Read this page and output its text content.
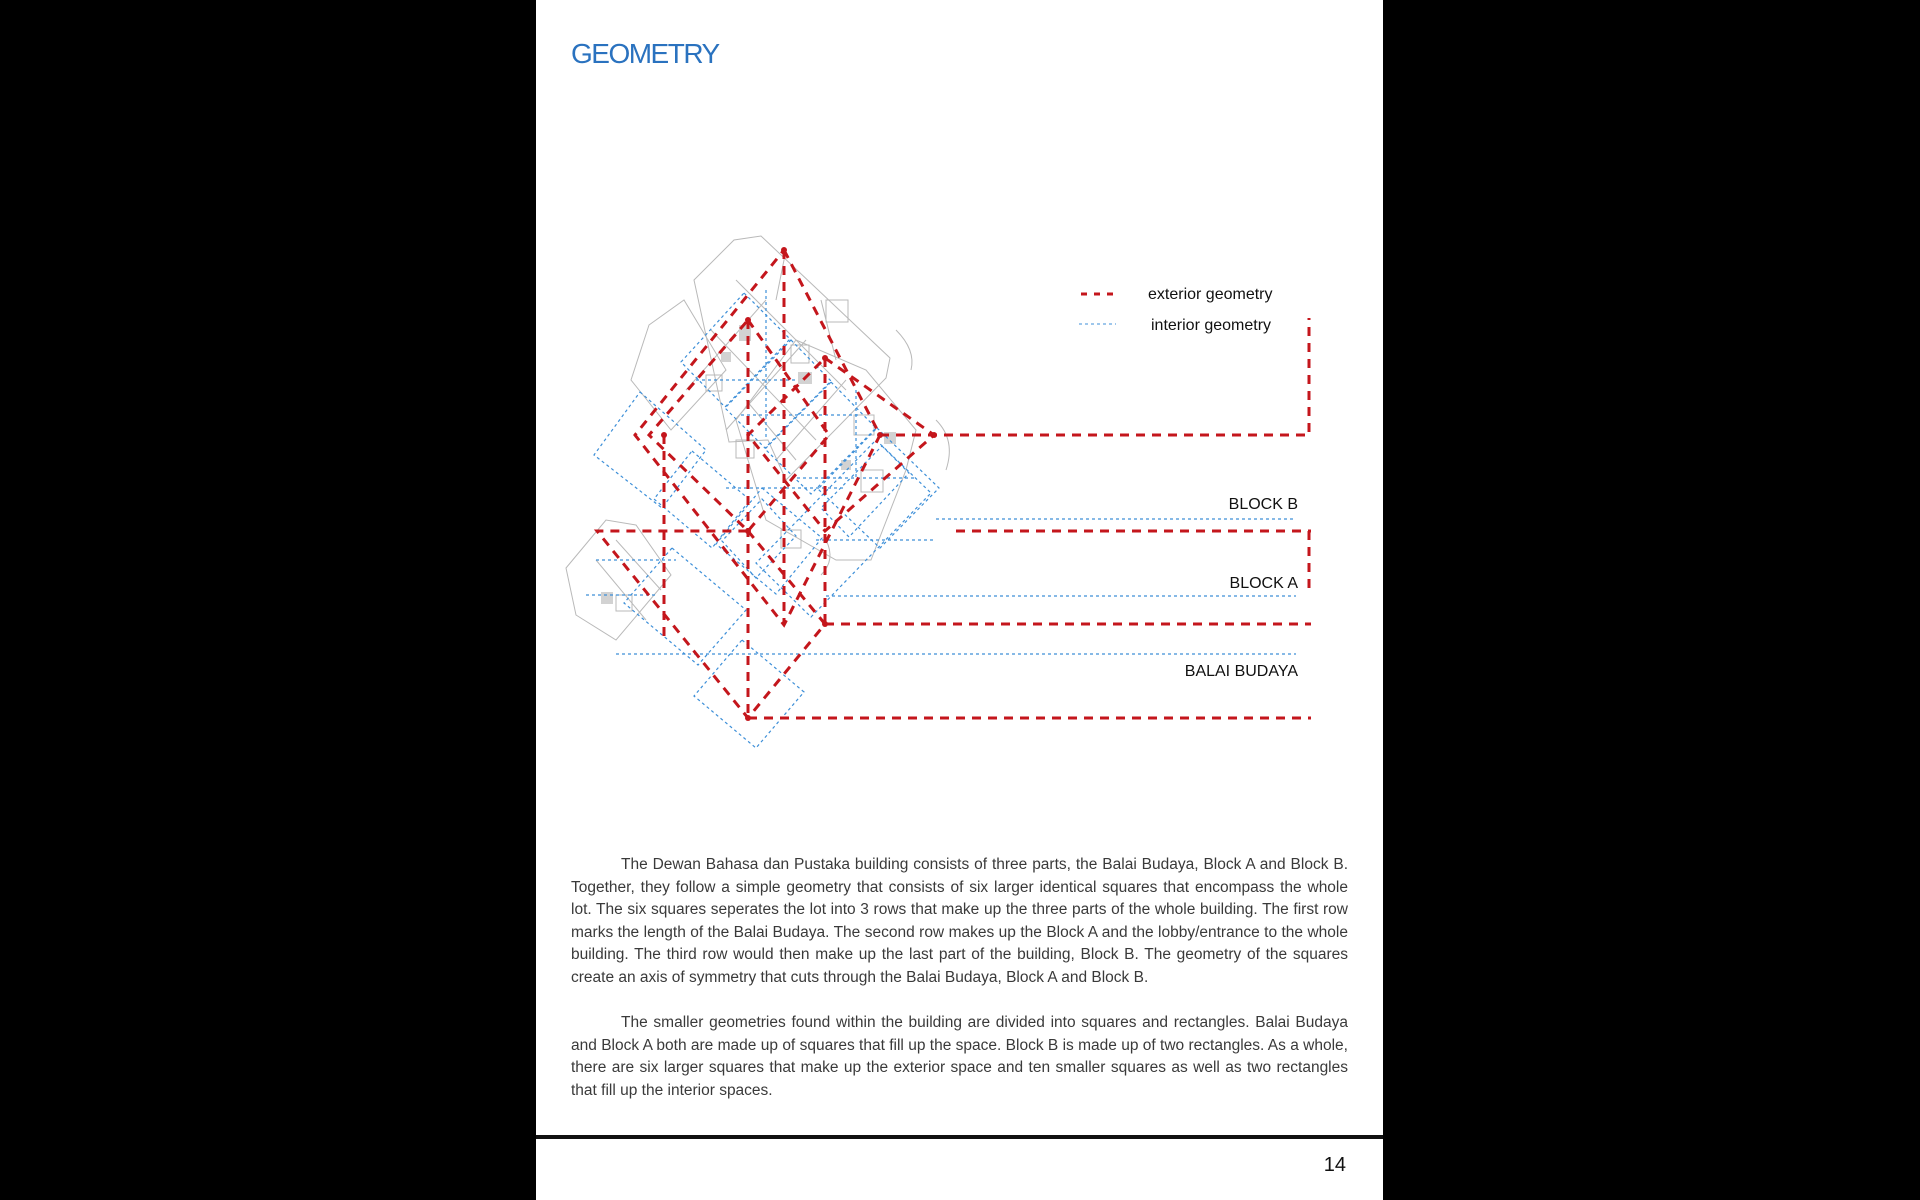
GEOMETRY
exterior geometry
interior geometry
BLOCK B
BLOCK A
BALAI BUDAYA

The Dewan Bahasa dan Pustaka building consists of three parts, the Balai Budaya, Block A and Block B. Together, they follow a simple geometry that consists of six larger identical squares that encompass the whole lot. The six squares seperates the lot into 3 rows that make up the three parts of the whole building. The first row marks the length of the Balai Budaya. The second row makes up the Block A and the lobby/entrance to the whole building. The third row would then make up the last part of the building, Block B. The geometry of the squares create an axis of symmetry that cuts through the Balai Budaya, Block A and Block B.

The smaller geometries found within the building are divided into squares and rectangles. Balai Budaya and Block A both are made up of squares that fill up the space. Block B is made up of two rectangles. As a whole, there are six larger squares that make up the exterior space and ten smaller squares as well as two rectangles that fill up the interior spaces.

14
